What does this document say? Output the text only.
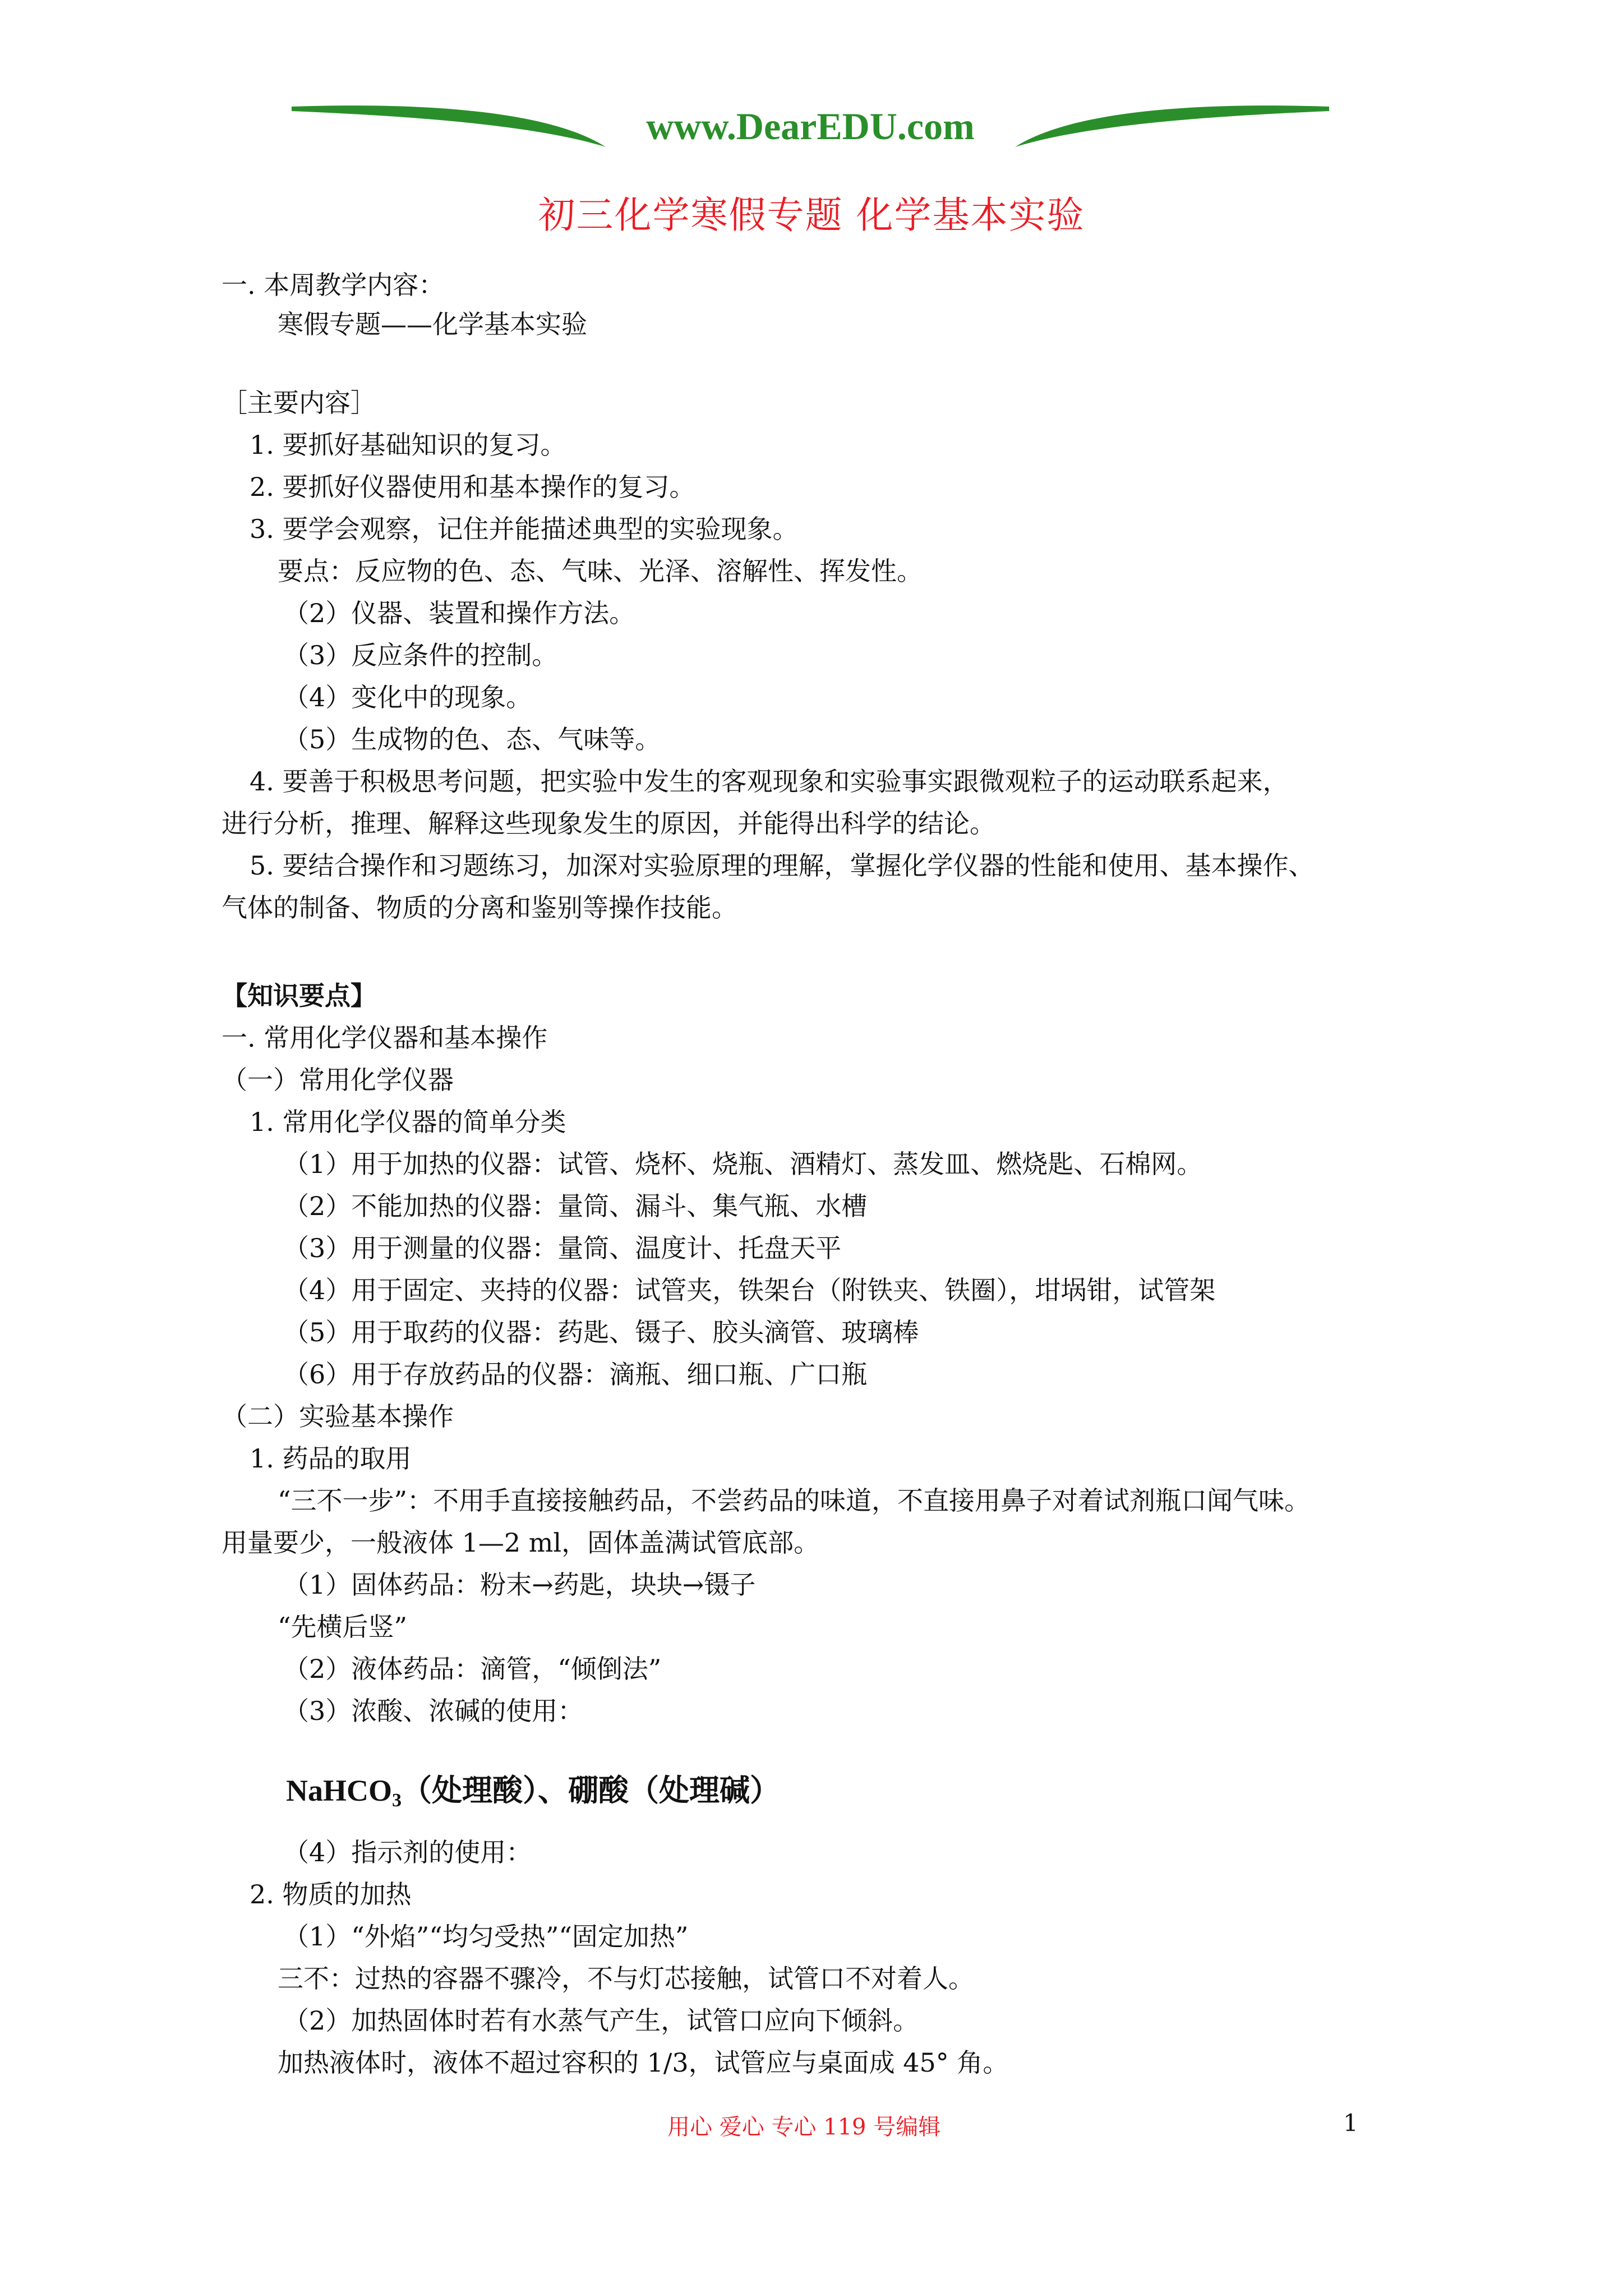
www.DearEDU.com
初三化学寒假专题 化学基本实验
一. 本周教学内容：
寒假专题——化学基本实验
［主要内容］
1. 要抓好基础知识的复习。
2. 要抓好仪器使用和基本操作的复习。
3. 要学会观察，记住并能描述典型的实验现象。
要点：反应物的色、态、气味、光泽、溶解性、挥发性。
（2）仪器、装置和操作方法。
（3）反应条件的控制。
（4）变化中的现象。
（5）生成物的色、态、气味等。
4. 要善于积极思考问题，把实验中发生的客观现象和实验事实跟微观粒子的运动联系起来，
进行分析，推理、解释这些现象发生的原因，并能得出科学的结论。
5. 要结合操作和习题练习，加深对实验原理的理解，掌握化学仪器的性能和使用、基本操作、
气体的制备、物质的分离和鉴别等操作技能。
【知识要点】
一. 常用化学仪器和基本操作
（一）常用化学仪器
1. 常用化学仪器的简单分类
（1）用于加热的仪器：试管、烧杯、烧瓶、酒精灯、蒸发皿、燃烧匙、石棉网。
（2）不能加热的仪器：量筒、漏斗、集气瓶、水槽
（3）用于测量的仪器：量筒、温度计、托盘天平
（4）用于固定、夹持的仪器：试管夹，铁架台（附铁夹、铁圈），坩埚钳，试管架
（5）用于取药的仪器：药匙、镊子、胶头滴管、玻璃棒
（6）用于存放药品的仪器：滴瓶、细口瓶、广口瓶
（二）实验基本操作
1. 药品的取用
“三不一步”：不用手直接接触药品，不尝药品的味道，不直接用鼻子对着试剂瓶口闻气味。
用量要少，一般液体 1—2 ml，固体盖满试管底部。
（1）固体药品：粉末→药匙，块块→镊子
“先横后竖”
（2）液体药品：滴管，“倾倒法”
（3）浓酸、浓碱的使用：
NaHCO$_3$（处理酸）、硼酸（处理碱）
（4）指示剂的使用：
2. 物质的加热
（1）“外焰”“均匀受热”“固定加热”
三不：过热的容器不骤冷，不与灯芯接触，试管口不对着人。
（2）加热固体时若有水蒸气产生，试管口应向下倾斜。
加热液体时，液体不超过容积的 1/3，试管应与桌面成 45° 角。
用心 爱心 专心 119 号编辑	1
